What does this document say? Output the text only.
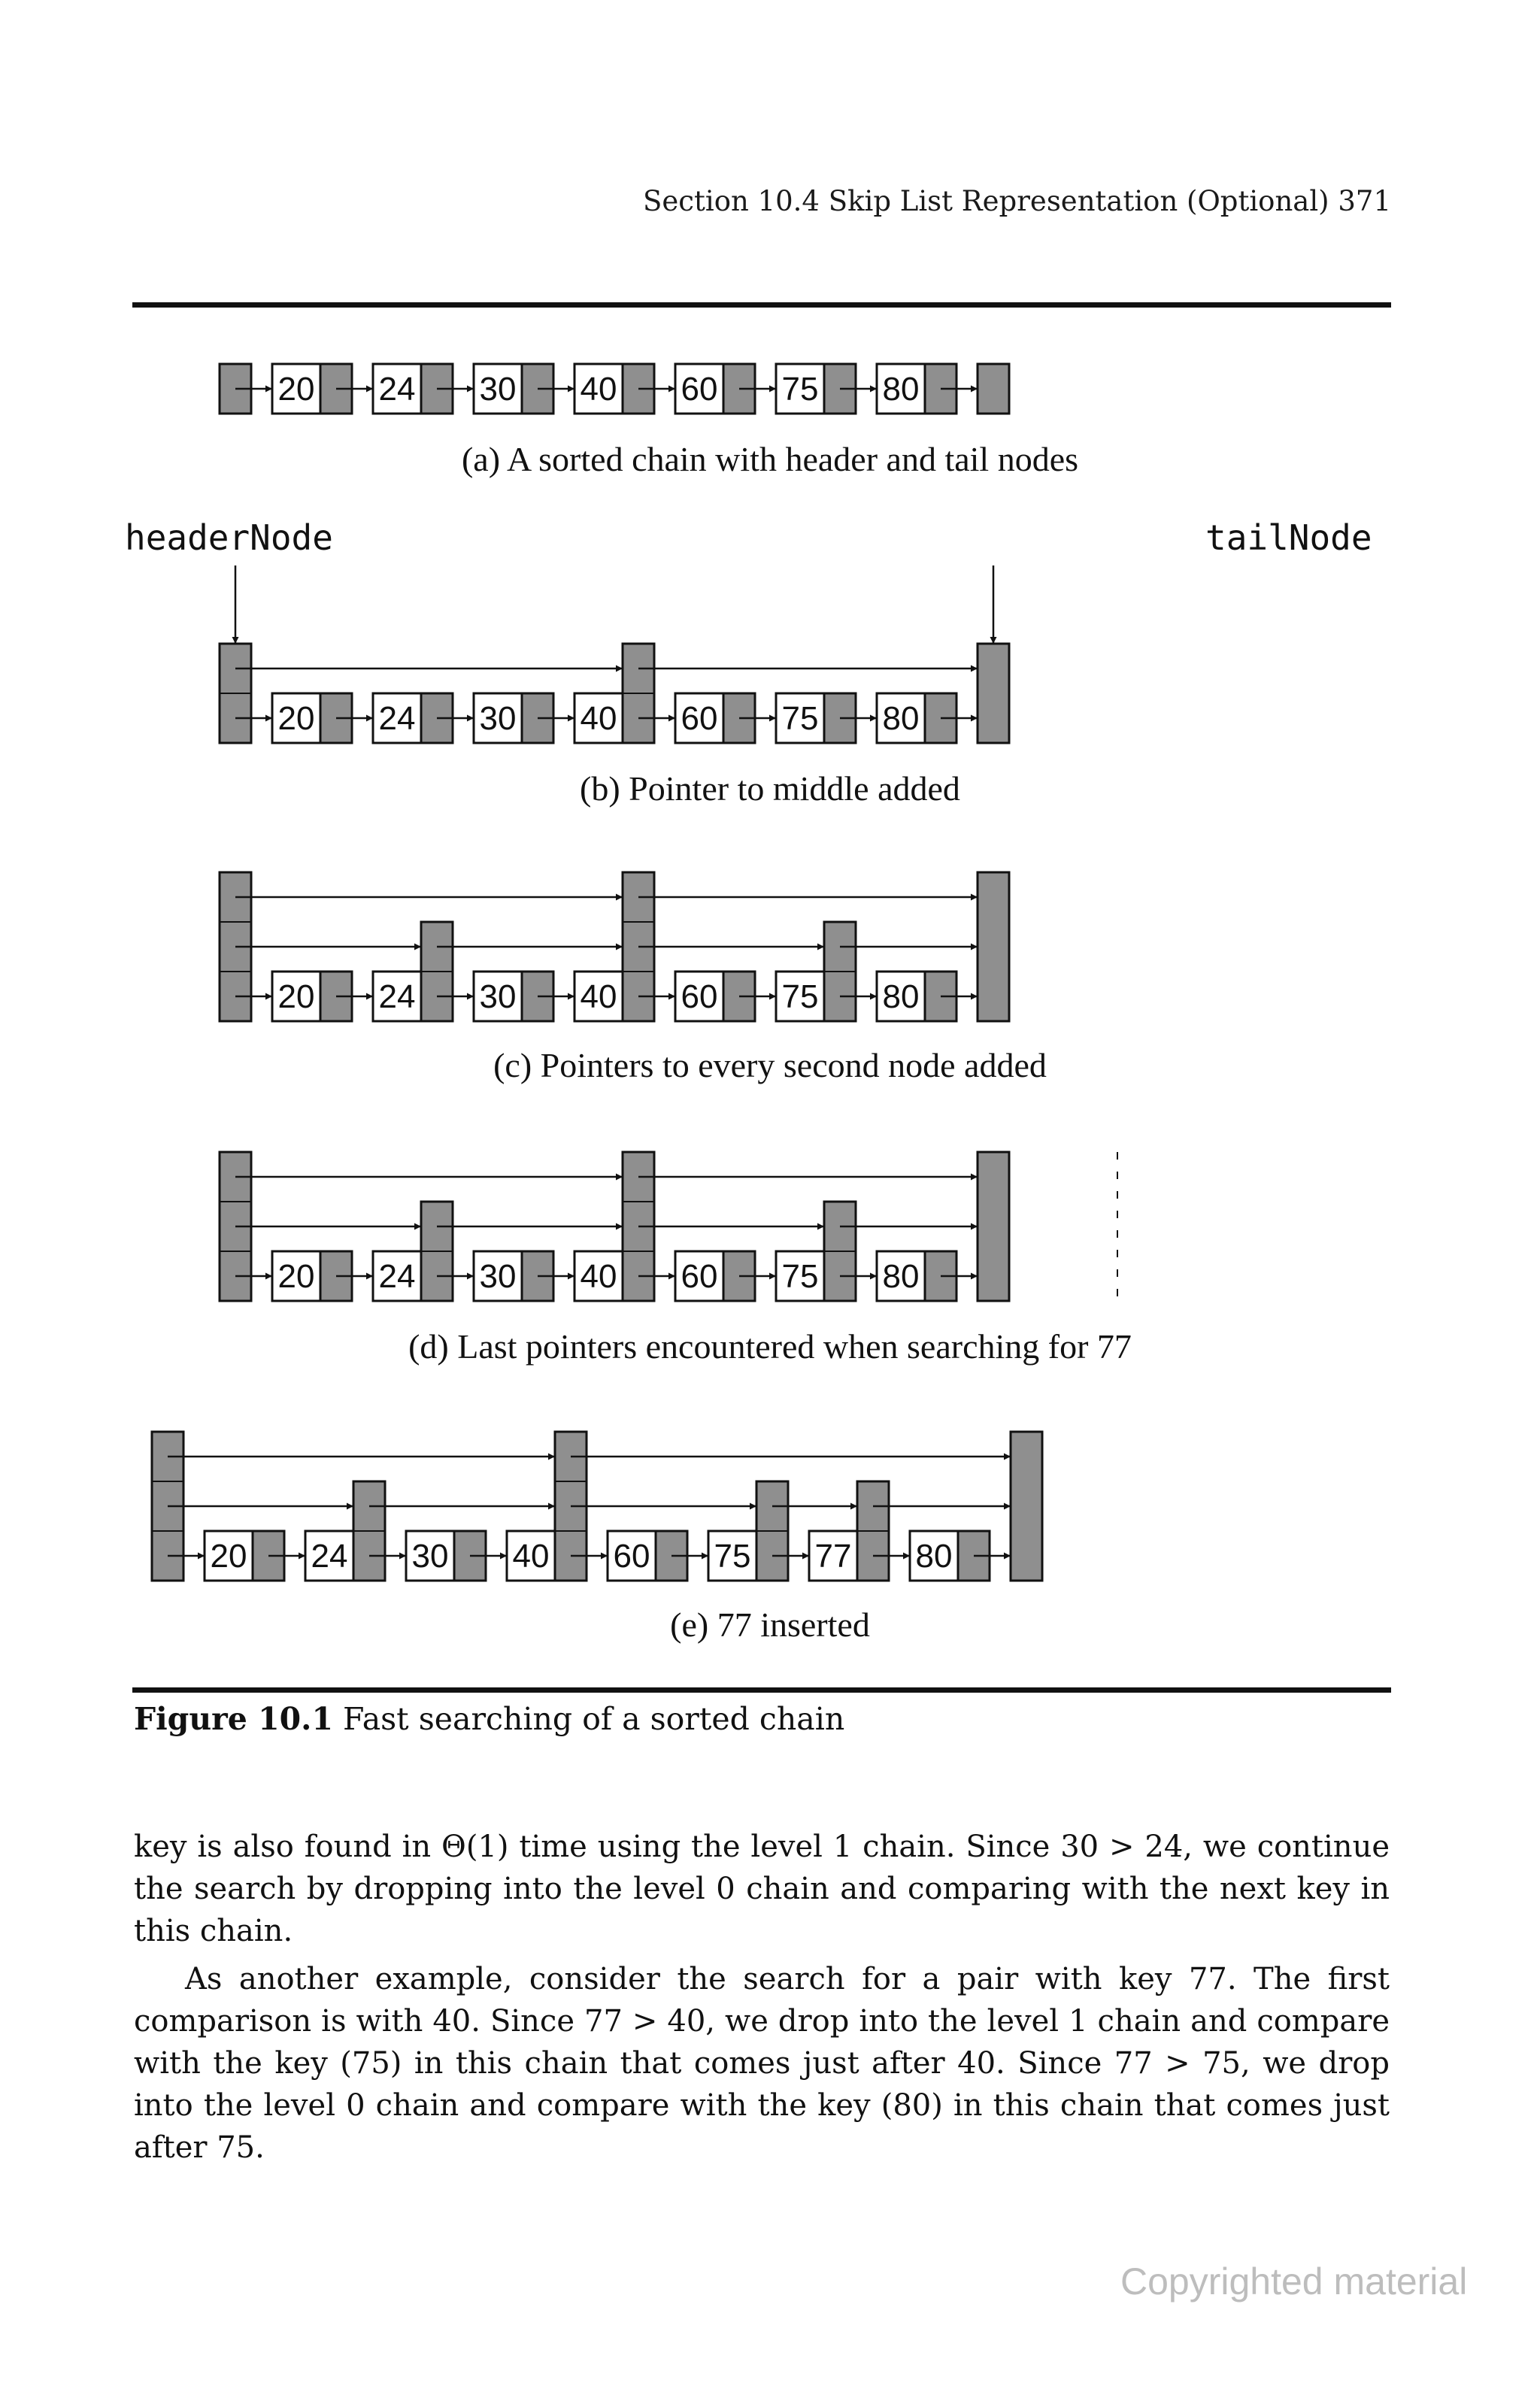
Section 10.4 Skip List Representation (Optional) 371
20 24 30 40 60 75 80
20 24 30 40 60 75 80
20 24 30 40 60 75 80
20 24 30 40 60 75 80
20 24 30 40 60 75 77 80
(a) A sorted chain with header and tail nodes
headerNode	tailNode
(b) Pointer to middle added
(c) Pointers to every second node added
(d) Last pointers encountered when searching for 77
(e) 77 inserted
Figure 10.1 Fast searching of a sorted chain
key is also found in Θ(1) time using the level 1 chain. Since 30 > 24, we continue the search by dropping into the level 0 chain and comparing with the next key in this chain.
As another example, consider the search for a pair with key 77. The first comparison is with 40. Since 77 > 40, we drop into the level 1 chain and compare with the key (75) in this chain that comes just after 40. Since 77 > 75, we drop into the level 0 chain and compare with the key (80) in this chain that comes just after 75.
Copyrighted material
